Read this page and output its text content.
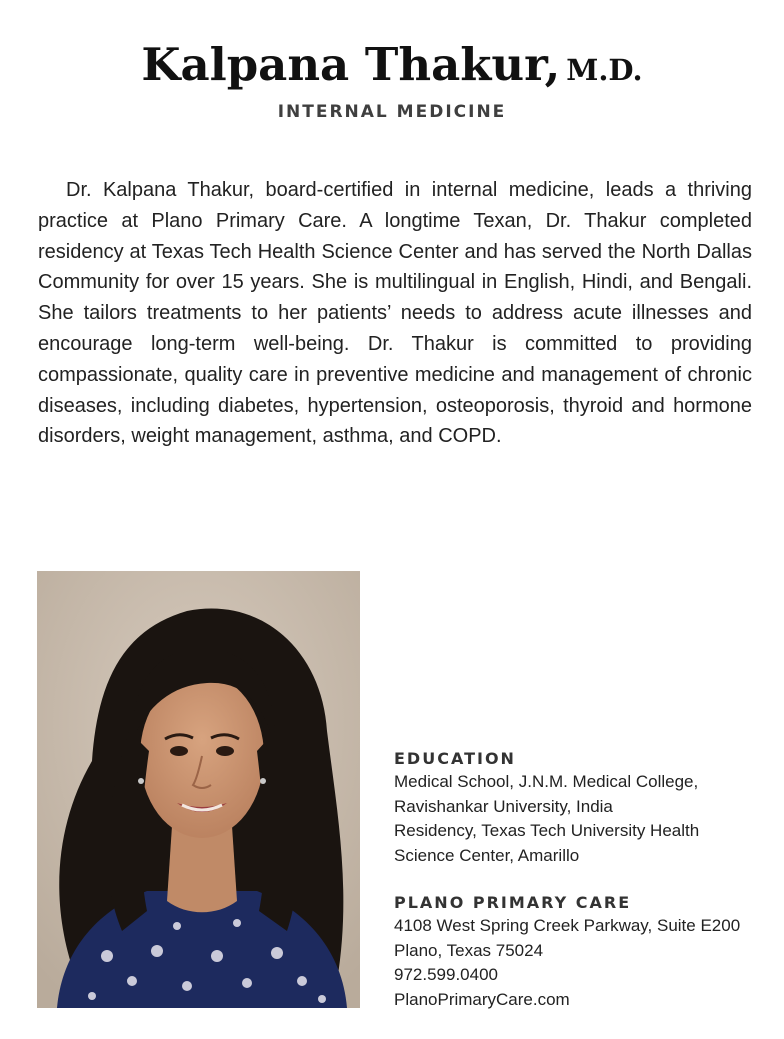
Kalpana Thakur, M.D.
INTERNAL MEDICINE

Dr. Kalpana Thakur, board-certified in internal medicine, leads a thriving practice at Plano Primary Care. A longtime Texan, Dr. Thakur completed residency at Texas Tech Health Science Center and has served the North Dallas Community for over 15 years. She is multilingual in English, Hindi, and Bengali. She tailors treatments to her patients’ needs to address acute illnesses and encourage long-term well-being. Dr. Thakur is committed to providing compassionate, quality care in preventive medicine and management of chronic diseases, including diabetes, hypertension, osteoporosis, thyroid and hormone disorders, weight management, asthma, and COPD.

EDUCATION
Medical School, J.N.M. Medical College,
Ravishankar University, India
Residency, Texas Tech University Health
Science Center, Amarillo
PLANO PRIMARY CARE
4108 West Spring Creek Parkway, Suite E200
Plano, Texas 75024
972.599.0400
PlanoPrimaryCare.com
